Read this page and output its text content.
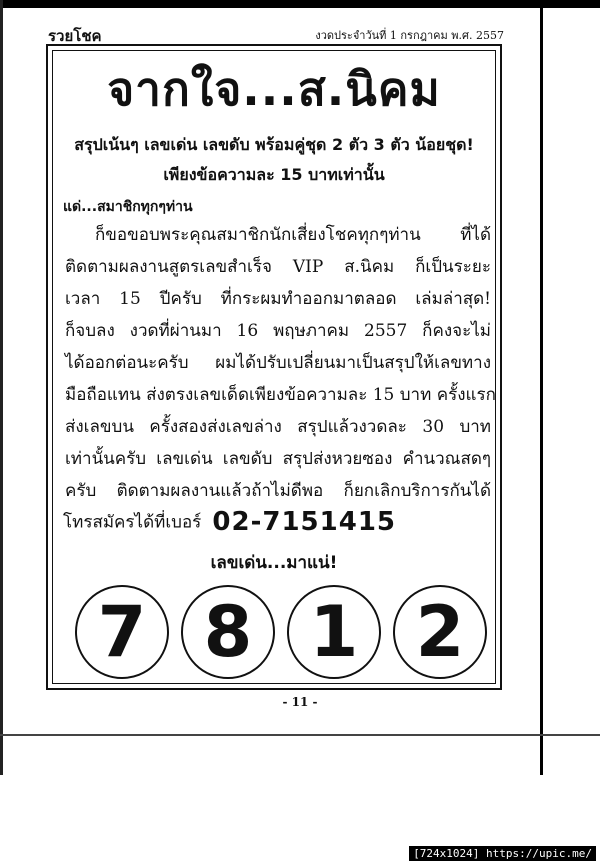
รวยโชค	งวดประจำวันที่ 1 กรกฎาคม พ.ศ. 2557
จากใจ...ส.นิคม
สรุปเน้นๆ เลขเด่น เลขดับ พร้อมคู่ชุด 2 ตัว 3 ตัว น้อยชุด!
เพียงข้อความละ 15 บาทเท่านั้น
แด่...สมาชิกทุกๆท่าน
ก็ขอขอบพระคุณสมาชิกนักเสี่ยงโชคทุกๆท่าน ที่ได้
ติดตามผลงานสูตรเลขสำเร็จ VIP ส.นิคม ก็เป็นระยะ
เวลา 15 ปีครับ ที่กระผมทำออกมาตลอด เล่มล่าสุด!
ก็จบลง งวดที่ผ่านมา 16 พฤษภาคม 2557 ก็คงจะไม่
ได้ออกต่อนะครับ ผมได้ปรับเปลี่ยนมาเป็นสรุปให้เลขทาง
มือถือแทน ส่งตรงเลขเด็ดเพียงข้อความละ 15 บาท ครั้งแรก
ส่งเลขบน ครั้งสองส่งเลขล่าง สรุปแล้วงวดละ 30 บาท
เท่านั้นครับ เลขเด่น เลขดับ สรุปส่งหวยซอง คำนวณสดๆ
ครับ ติดตามผลงานแล้วถ้าไม่ดีพอ ก็ยกเลิกบริการกันได้
โทรสมัครได้ที่เบอร์ 02-7151415
เลขเด่น...มาแน่!
7 8 1 2
- 11 -
[724x1024] https://upic.me/
